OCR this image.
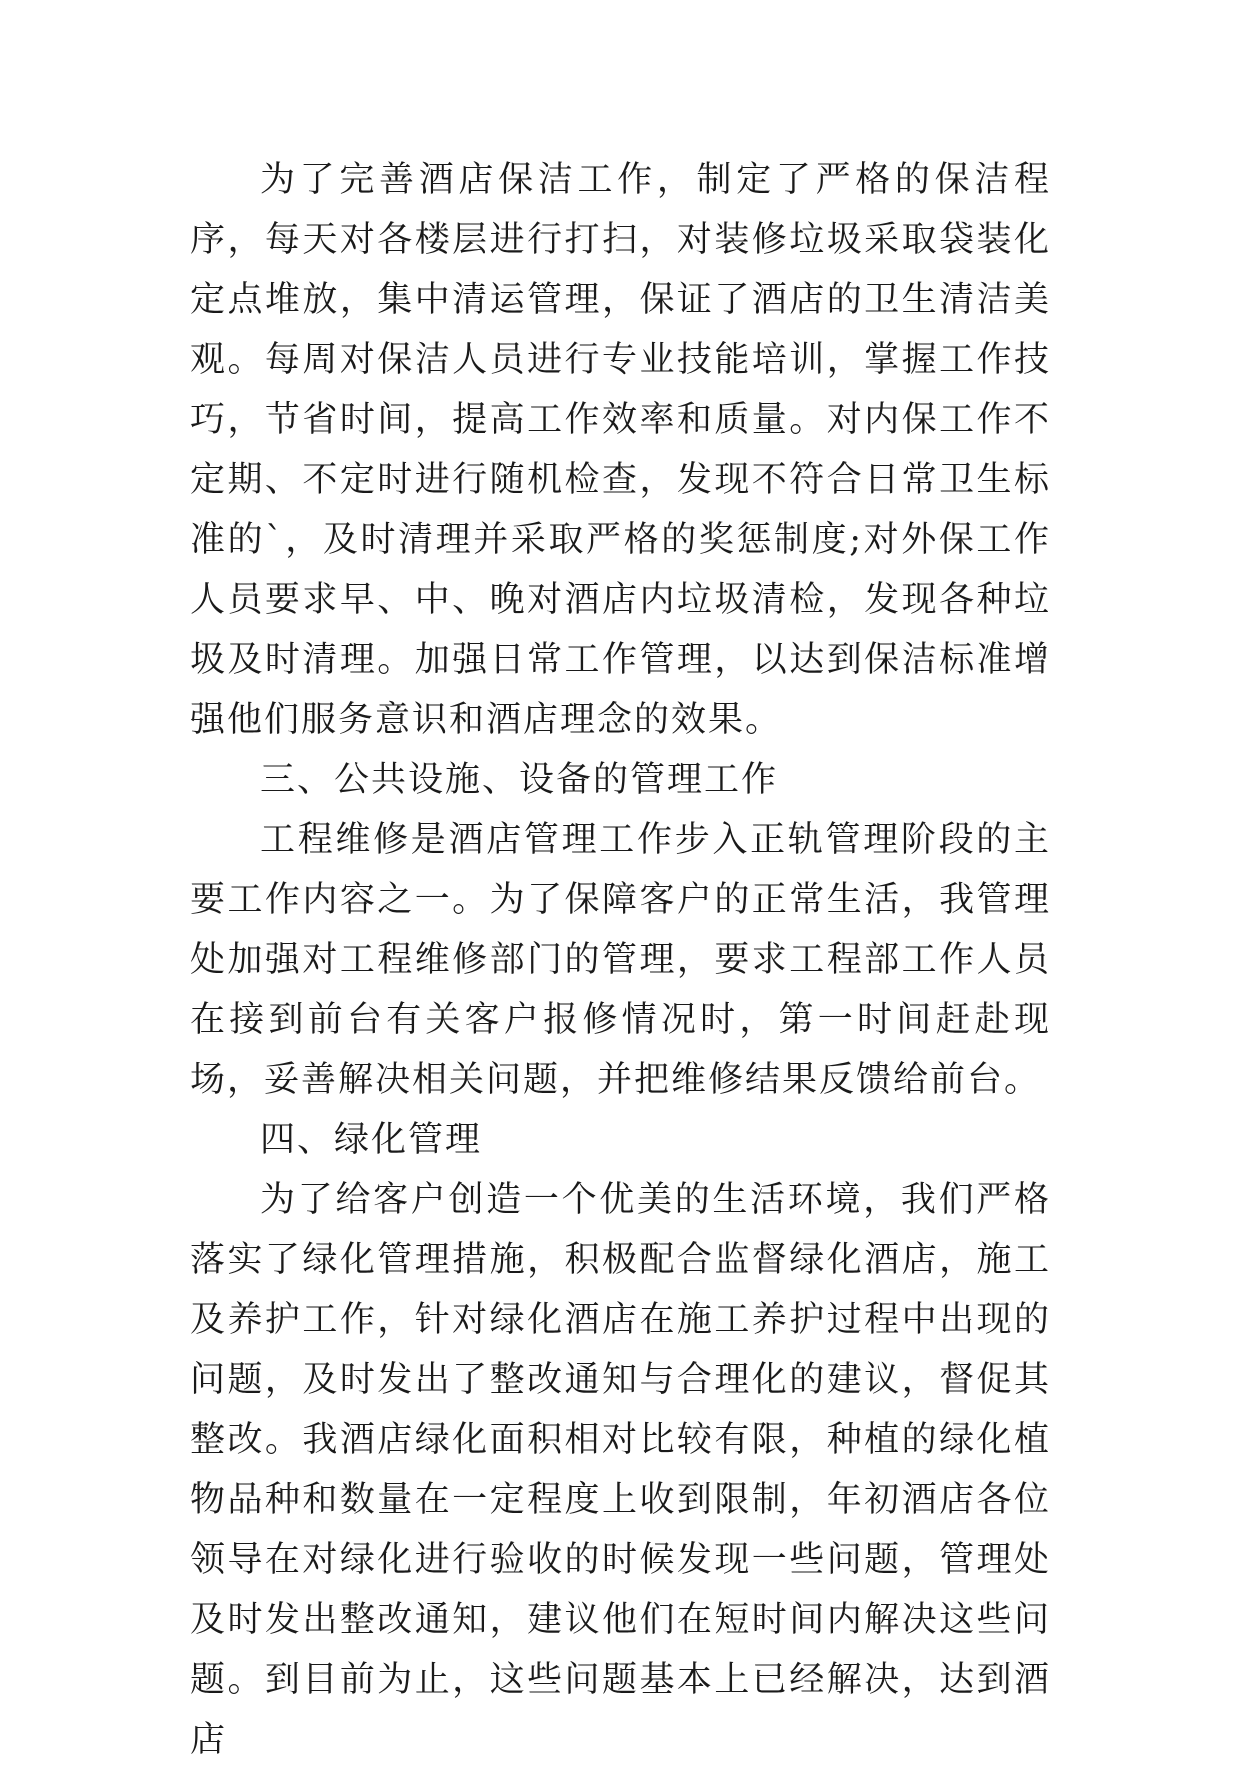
为了完善酒店保洁工作，制定了严格的保洁程序，每天对各楼层进行打扫，对装修垃圾采取袋装化定点堆放，集中清运管理，保证了酒店的卫生清洁美观。每周对保洁人员进行专业技能培训，掌握工作技巧，节省时间，提高工作效率和质量。对内保工作不定期、不定时进行随机检查，发现不符合日常卫生标准的`，及时清理并采取严格的奖惩制度;对外保工作人员要求早、中、晚对酒店内垃圾清检，发现各种垃圾及时清理。加强日常工作管理，以达到保洁标准增强他们服务意识和酒店理念的效果。

三、公共设施、设备的管理工作

工程维修是酒店管理工作步入正轨管理阶段的主要工作内容之一。为了保障客户的正常生活，我管理处加强对工程维修部门的管理，要求工程部工作人员在接到前台有关客户报修情况时，第一时间赶赴现场，妥善解决相关问题，并把维修结果反馈给前台。

四、绿化管理

为了给客户创造一个优美的生活环境，我们严格落实了绿化管理措施，积极配合监督绿化酒店，施工及养护工作，针对绿化酒店在施工养护过程中出现的问题，及时发出了整改通知与合理化的建议，督促其整改。我酒店绿化面积相对比较有限，种植的绿化植物品种和数量在一定程度上收到限制，年初酒店各位领导在对绿化进行验收的时候发现一些问题，管理处及时发出整改通知，建议他们在短时间内解决这些问题。到目前为止，这些问题基本上已经解决，达到酒店
